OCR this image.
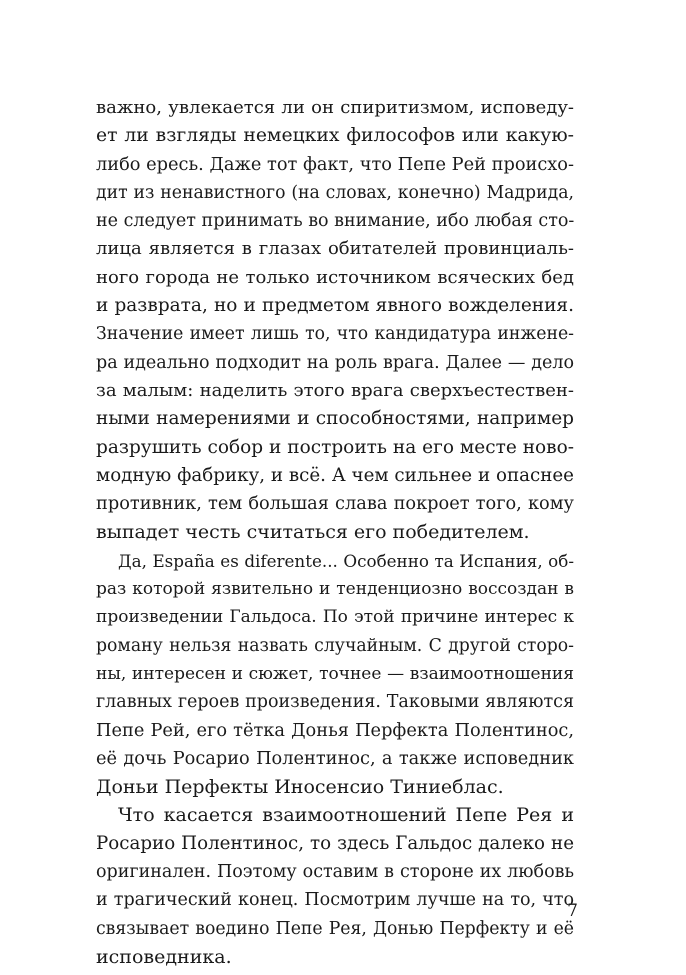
важно, увлекается ли он спиритизмом, исповеду-
ет ли взгляды немецких философов или какую-
либо ересь. Даже тот факт, что Пепе Рей происхо-
дит из ненавистного (на словах, конечно) Мадрида,
не следует принимать во внимание, ибо любая сто-
лица является в глазах обитателей провинциаль-
ного города не только источником всяческих бед
и разврата, но и предметом явного вожделения.
Значение имеет лишь то, что кандидатура инжене-
ра идеально подходит на роль врага. Далее — дело
за малым: наделить этого врага сверхъестествен-
ными намерениями и способностями, например
разрушить собор и построить на его месте ново-
модную фабрику, и всё. А чем сильнее и опаснее
противник, тем большая слава покроет того, кому
выпадет честь считаться его победителем.
Да, España es diferente... Особенно та Испания, об-
раз которой язвительно и тенденциозно воссоздан в
произведении Гальдоса. По этой причине интерес к
роману нельзя назвать случайным. С другой сторо-
ны, интересен и сюжет, точнее — взаимоотношения
главных героев произведения. Таковыми являются
Пепе Рей, его тётка Донья Перфекта Полентинос,
её дочь Росарио Полентинос, а также исповедник
Доньи Перфекты Иносенсио Тиниеблас.
Что касается взаимоотношений Пепе Рея и
Росарио Полентинос, то здесь Гальдос далеко не
оригинален. Поэтому оставим в стороне их любовь
и трагический конец. Посмотрим лучше на то, что
связывает воедино Пепе Рея, Донью Перфекту и её
исповедника.
7
